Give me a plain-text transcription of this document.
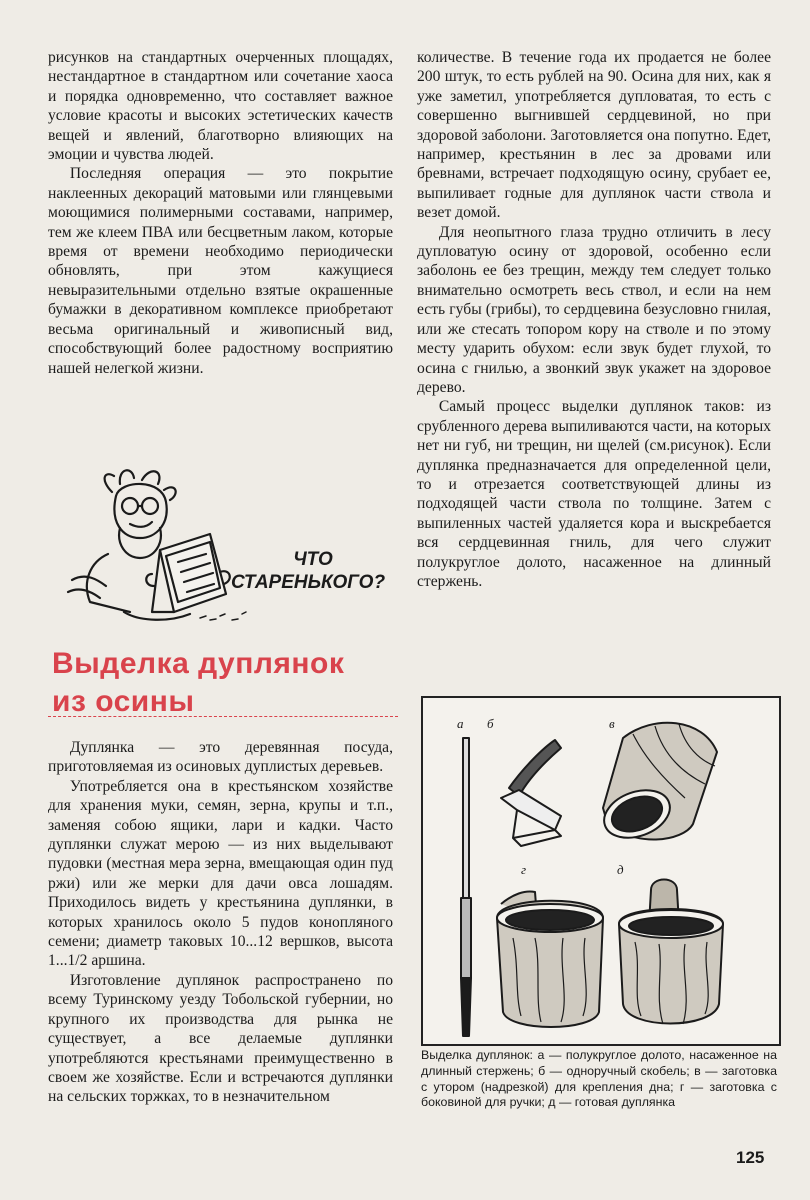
рисунков на стандартных очерченных площадях, нестандартное в стандартном или сочетание хаоса и порядка одновременно, что составляет важное условие красоты и высоких эстетических качеств вещей и явлений, благотворно влияющих на эмоции и чувства людей.

Последняя операция — это покрытие наклеенных декораций матовыми или глянцевыми моющимися полимерными составами, например, тем же клеем ПВА или бесцветным лаком, которые время от времени необходимо периодически обновлять, при этом кажущиеся невыразительными отдельно взятые окрашенные бумажки в декоративном комплексе приобретают весьма оригинальный и живописный вид, способствующий более радостному восприятию нашей нелегкой жизни.

ЧТО
СТАРЕНЬКОГО?
Выделка дуплянок
из осины

Дуплянка — это деревянная посуда, приготовляемая из осиновых дуплистых деревьев.

Употребляется она в крестьянском хозяйстве для хранения муки, семян, зерна, крупы и т.п., заменяя собою ящики, лари и кадки. Часто дуплянки служат мерою — из них выделывают пудовки (местная мера зерна, вмещающая один пуд ржи) или же мерки для дачи овса лошадям. Приходилось видеть у крестьянина дуплянки, в которых хранилось около 5 пудов конопляного семени; диаметр таковых 10...12 вершков, высота 1...1/2 аршина.

Изготовление дуплянок распространено по всему Туринскому уезду Тобольской губернии, но крупного их производства для рынка не существует, а все делаемые дуплянки употребляются крестьянами преимущественно в своем же хозяйстве. Если и встречаются дуплянки на сельских торжках, то в незначительном

количестве. В течение года их продается не более 200 штук, то есть рублей на 90. Осина для них, как я уже заметил, употребляется дупловатая, то есть с совершенно выгнившей сердцевиной, но при здоровой заболони. Заготовляется она попутно. Едет, например, крестьянин в лес за дровами или бревнами, встречает подходящую осину, срубает ее, выпиливает годные для дуплянок части ствола и везет домой.

Для неопытного глаза трудно отличить в лесу дупловатую осину от здоровой, особенно если заболонь ее без трещин, между тем следует только внимательно осмотреть весь ствол, и если на нем есть губы (грибы), то сердцевина безусловно гнилая, или же стесать топором кору на стволе и по этому месту ударить обухом: если звук будет глухой, то осина с гнилью, а звонкий звук укажет на здоровое дерево.

Самый процесс выделки дуплянок таков: из срубленного дерева выпиливаются части, на которых нет ни губ, ни трещин, ни щелей (см.рисунок). Если дуплянка предназначается для определенной цели, то и отрезается соответствующей длины из подходящей части ствола по толщине. Затем с выпиленных частей удаляется кора и выскребается вся сердцевинная гниль, для чего служит полукруглое долото, насаженное на длинный стержень.

а б	в
г	д
Выделка дуплянок: а — полукруглое долото, насаженное на длинный стержень; б — одноручный скобель; в — заготовка с утором (надрезкой) для крепления дна; г — заготовка с боковиной для ручки; д — готовая дуплянка
125
